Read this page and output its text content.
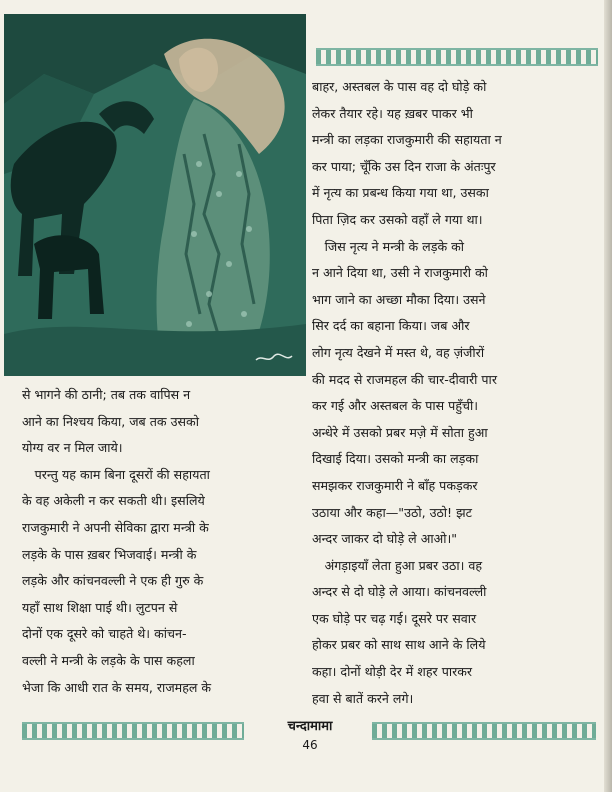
बाहर, अस्तबल के पास वह दो घोड़े को
लेकर तैयार रहे। यह ख़बर पाकर भी
मन्त्री का लड़का राजकुमारी की सहायता न
कर पाया; चूँकि उस दिन राजा के अंतःपुर
में नृत्य का प्रबन्ध किया गया था, उसका
पिता ज़िद कर उसको वहाँ ले गया था।

 जिस नृत्य ने मन्त्री के लड़के को
न आने दिया था, उसी ने राजकुमारी को
भाग जाने का अच्छा मौका दिया। उसने
सिर दर्द का बहाना किया। जब और
लोग नृत्य देखने में मस्त थे, वह ज़ंजीरों
की मदद से राजमहल की चार-दीवारी पार
कर गई और अस्तबल के पास पहुँची।
अन्धेरे में उसको प्रबर मज़े में सोता हुआ
दिखाई दिया। उसको मन्त्री का लड़का
समझकर राजकुमारी ने बाँह पकड़कर
उठाया और कहा—"उठो, उठो! झट
अन्दर जाकर दो घोड़े ले आओ।"

 अंगड़ाइयाँ लेता हुआ प्रबर उठा। वह
अन्दर से दो घोड़े ले आया। कांचनवल्ली
एक घोड़े पर चढ़ गई। दूसरे पर सवार
होकर प्रबर को साथ साथ आने के लिये
कहा। दोनों थोड़ी देर में शहर पारकर
हवा से बातें करने लगे।

से भागने की ठानी; तब तक वापिस न
आने का निश्चय किया, जब तक उसको
योग्य वर न मिल जाये।

 परन्तु यह काम बिना दूसरों की सहायता
के वह अकेली न कर सकती थी। इसलिये
राजकुमारी ने अपनी सेविका द्वारा मन्त्री के
लड़के के पास ख़बर भिजवाई। मन्त्री के
लड़के और कांचनवल्ली ने एक ही गुरु के
यहाँ साथ शिक्षा पाई थी। लुटपन से
दोनों एक दूसरे को चाहते थे। कांचन-
वल्ली ने मन्त्री के लड़के के पास कहला
भेजा कि आधी रात के समय, राजमहल के

चन्दामामा
46
